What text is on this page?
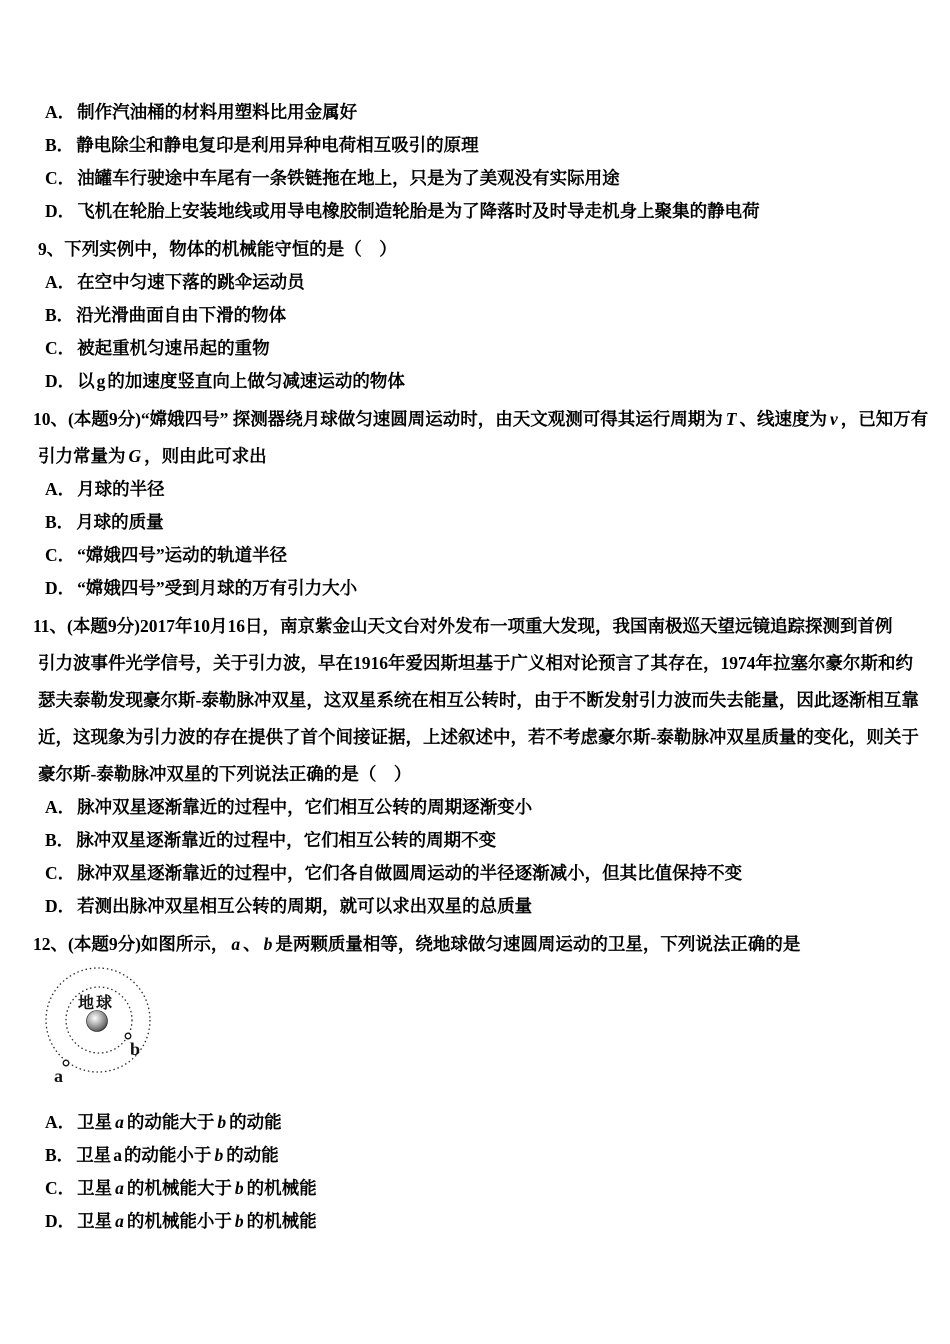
A． 制作汽油桶的材料用塑料比用金属好
B． 静电除尘和静电复印是利用异种电荷相互吸引的原理
C． 油罐车行驶途中车尾有一条铁链拖在地上，只是为了美观没有实际用途
D． 飞机在轮胎上安装地线或用导电橡胶制造轮胎是为了降落时及时导走机身上聚集的静电荷
9、下列实例中，物体的机械能守恒的是（　）
A． 在空中匀速下落的跳伞运动员
B． 沿光滑曲面自由下滑的物体
C． 被起重机匀速吊起的重物
D． 以 g 的加速度竖直向上做匀减速运动的物体
10、(本题9分)“嫦娥四号” 探测器绕月球做匀速圆周运动时，由天文观测可得其运行周期为 T 、线速度为 v ，已知万有
引力常量为 G ，则由此可求出
A． 月球的半径
B． 月球的质量
C． “嫦娥四号”运动的轨道半径
D． “嫦娥四号”受到月球的万有引力大小
11、(本题9分)2017年10月16日，南京紫金山天文台对外发布一项重大发现，我国南极巡天望远镜追踪探测到首例
引力波事件光学信号，关于引力波，早在1916年爱因斯坦基于广义相对论预言了其存在，1974年拉塞尔豪尔斯和约
瑟夫泰勒发现豪尔斯-泰勒脉冲双星，这双星系统在相互公转时，由于不断发射引力波而失去能量，因此逐渐相互靠
近，这现象为引力波的存在提供了首个间接证据，上述叙述中，若不考虑豪尔斯-泰勒脉冲双星质量的变化，则关于
豪尔斯-泰勒脉冲双星的下列说法正确的是（　）
A． 脉冲双星逐渐靠近的过程中，它们相互公转的周期逐渐变小
B． 脉冲双星逐渐靠近的过程中，它们相互公转的周期不变
C． 脉冲双星逐渐靠近的过程中，它们各自做圆周运动的半径逐渐减小，但其比值保持不变
D． 若测出脉冲双星相互公转的周期，就可以求出双星的总质量
12、(本题9分)如图所示， a 、 b 是两颗质量相等，绕地球做匀速圆周运动的卫星，下列说法正确的是
地球
b
a
A． 卫星 a 的动能大于 b 的动能
B． 卫星 a 的动能小于 b 的动能
C． 卫星 a 的机械能大于 b 的机械能
D． 卫星 a 的机械能小于 b 的机械能
